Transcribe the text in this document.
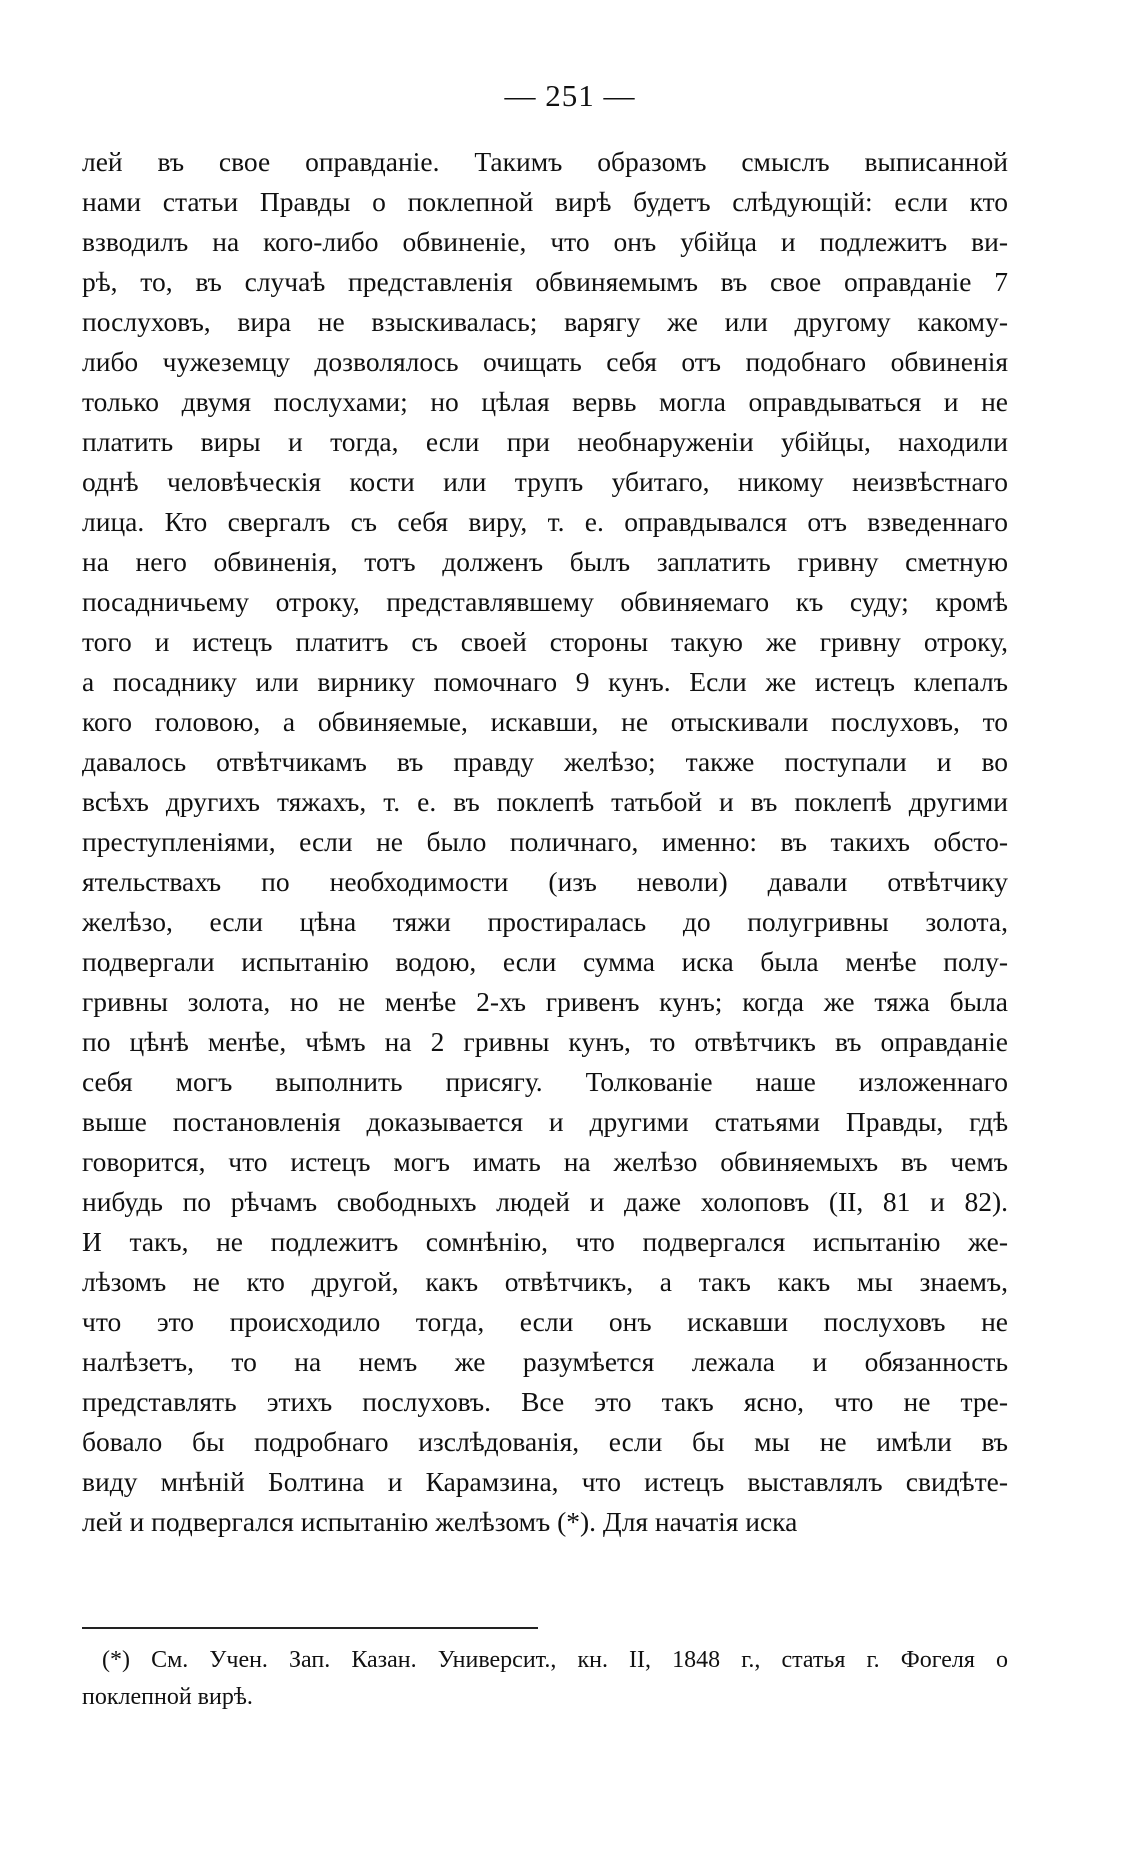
— 251 —
лей въ свое оправданіе. Такимъ образомъ смыслъ выписанной
нами статьи Правды о поклепной вирѣ будетъ слѣдующій: если кто
взводилъ на кого-либо обвиненіе, что онъ убійца и подлежитъ ви-
рѣ, то, въ случаѣ представленія обвиняемымъ въ свое оправданіе 7
послуховъ, вира не взыскивалась; варягу же или другому какому-
либо чужеземцу дозволялось очищать себя отъ подобнаго обвиненія
только двумя послухами; но цѣлая вервь могла оправдываться и не
платить виры и тогда, если при необнаруженіи убійцы, находили
однѣ человѣческія кости или трупъ убитаго, никому неизвѣстнаго
лица. Кто свергалъ съ себя виру, т. е. оправдывался отъ взведеннаго
на него обвиненія, тотъ долженъ былъ заплатить гривну сметную
посадничьему отроку, представлявшему обвиняемаго къ суду; кромѣ
того и истецъ платитъ съ своей стороны такую же гривну отроку,
а посаднику или вирнику помочнаго 9 кунъ. Если же истецъ клепалъ
кого головою, а обвиняемые, искавши, не отыскивали послуховъ, то
давалось отвѣтчикамъ въ правду желѣзо; также поступали и во
всѣхъ другихъ тяжахъ, т. е. въ поклепѣ татьбой и въ поклепѣ другими
преступленіями, если не было поличнаго, именно: въ такихъ обсто-
ятельствахъ по необходимости (изъ неволи) давали отвѣтчику
желѣзо, если цѣна тяжи простиралась до полугривны золота,
подвергали испытанію водою, если сумма иска была менѣе полу-
гривны золота, но не менѣе 2-хъ гривенъ кунъ; когда же тяжа была
по цѣнѣ менѣе, чѣмъ на 2 гривны кунъ, то отвѣтчикъ въ оправданіе
себя могъ выполнить присягу. Толкованіе наше изложеннаго
выше постановленія доказывается и другими статьями Правды, гдѣ
говорится, что истецъ могъ имать на желѣзо обвиняемыхъ въ чемъ
нибудь по рѣчамъ свободныхъ людей и даже холоповъ (II, 81 и 82).
И такъ, не подлежитъ сомнѣнію, что подвергался испытанію же-
лѣзомъ не кто другой, какъ отвѣтчикъ, а такъ какъ мы знаемъ,
что это происходило тогда, если онъ искавши послуховъ не
налѣзетъ, то на немъ же разумѣется лежала и обязанность
представлять этихъ послуховъ. Все это такъ ясно, что не тре-
бовало бы подробнаго изслѣдованія, если бы мы не имѣли въ
виду мнѣній Болтина и Карамзина, что истецъ выставлялъ свидѣте-
лей и подвергался испытанію желѣзомъ (*). Для начатія иска
(*) См. Учен. Зап. Казан. Университ., кн. II, 1848 г., статья г. Фогеля о
поклепной вирѣ.
